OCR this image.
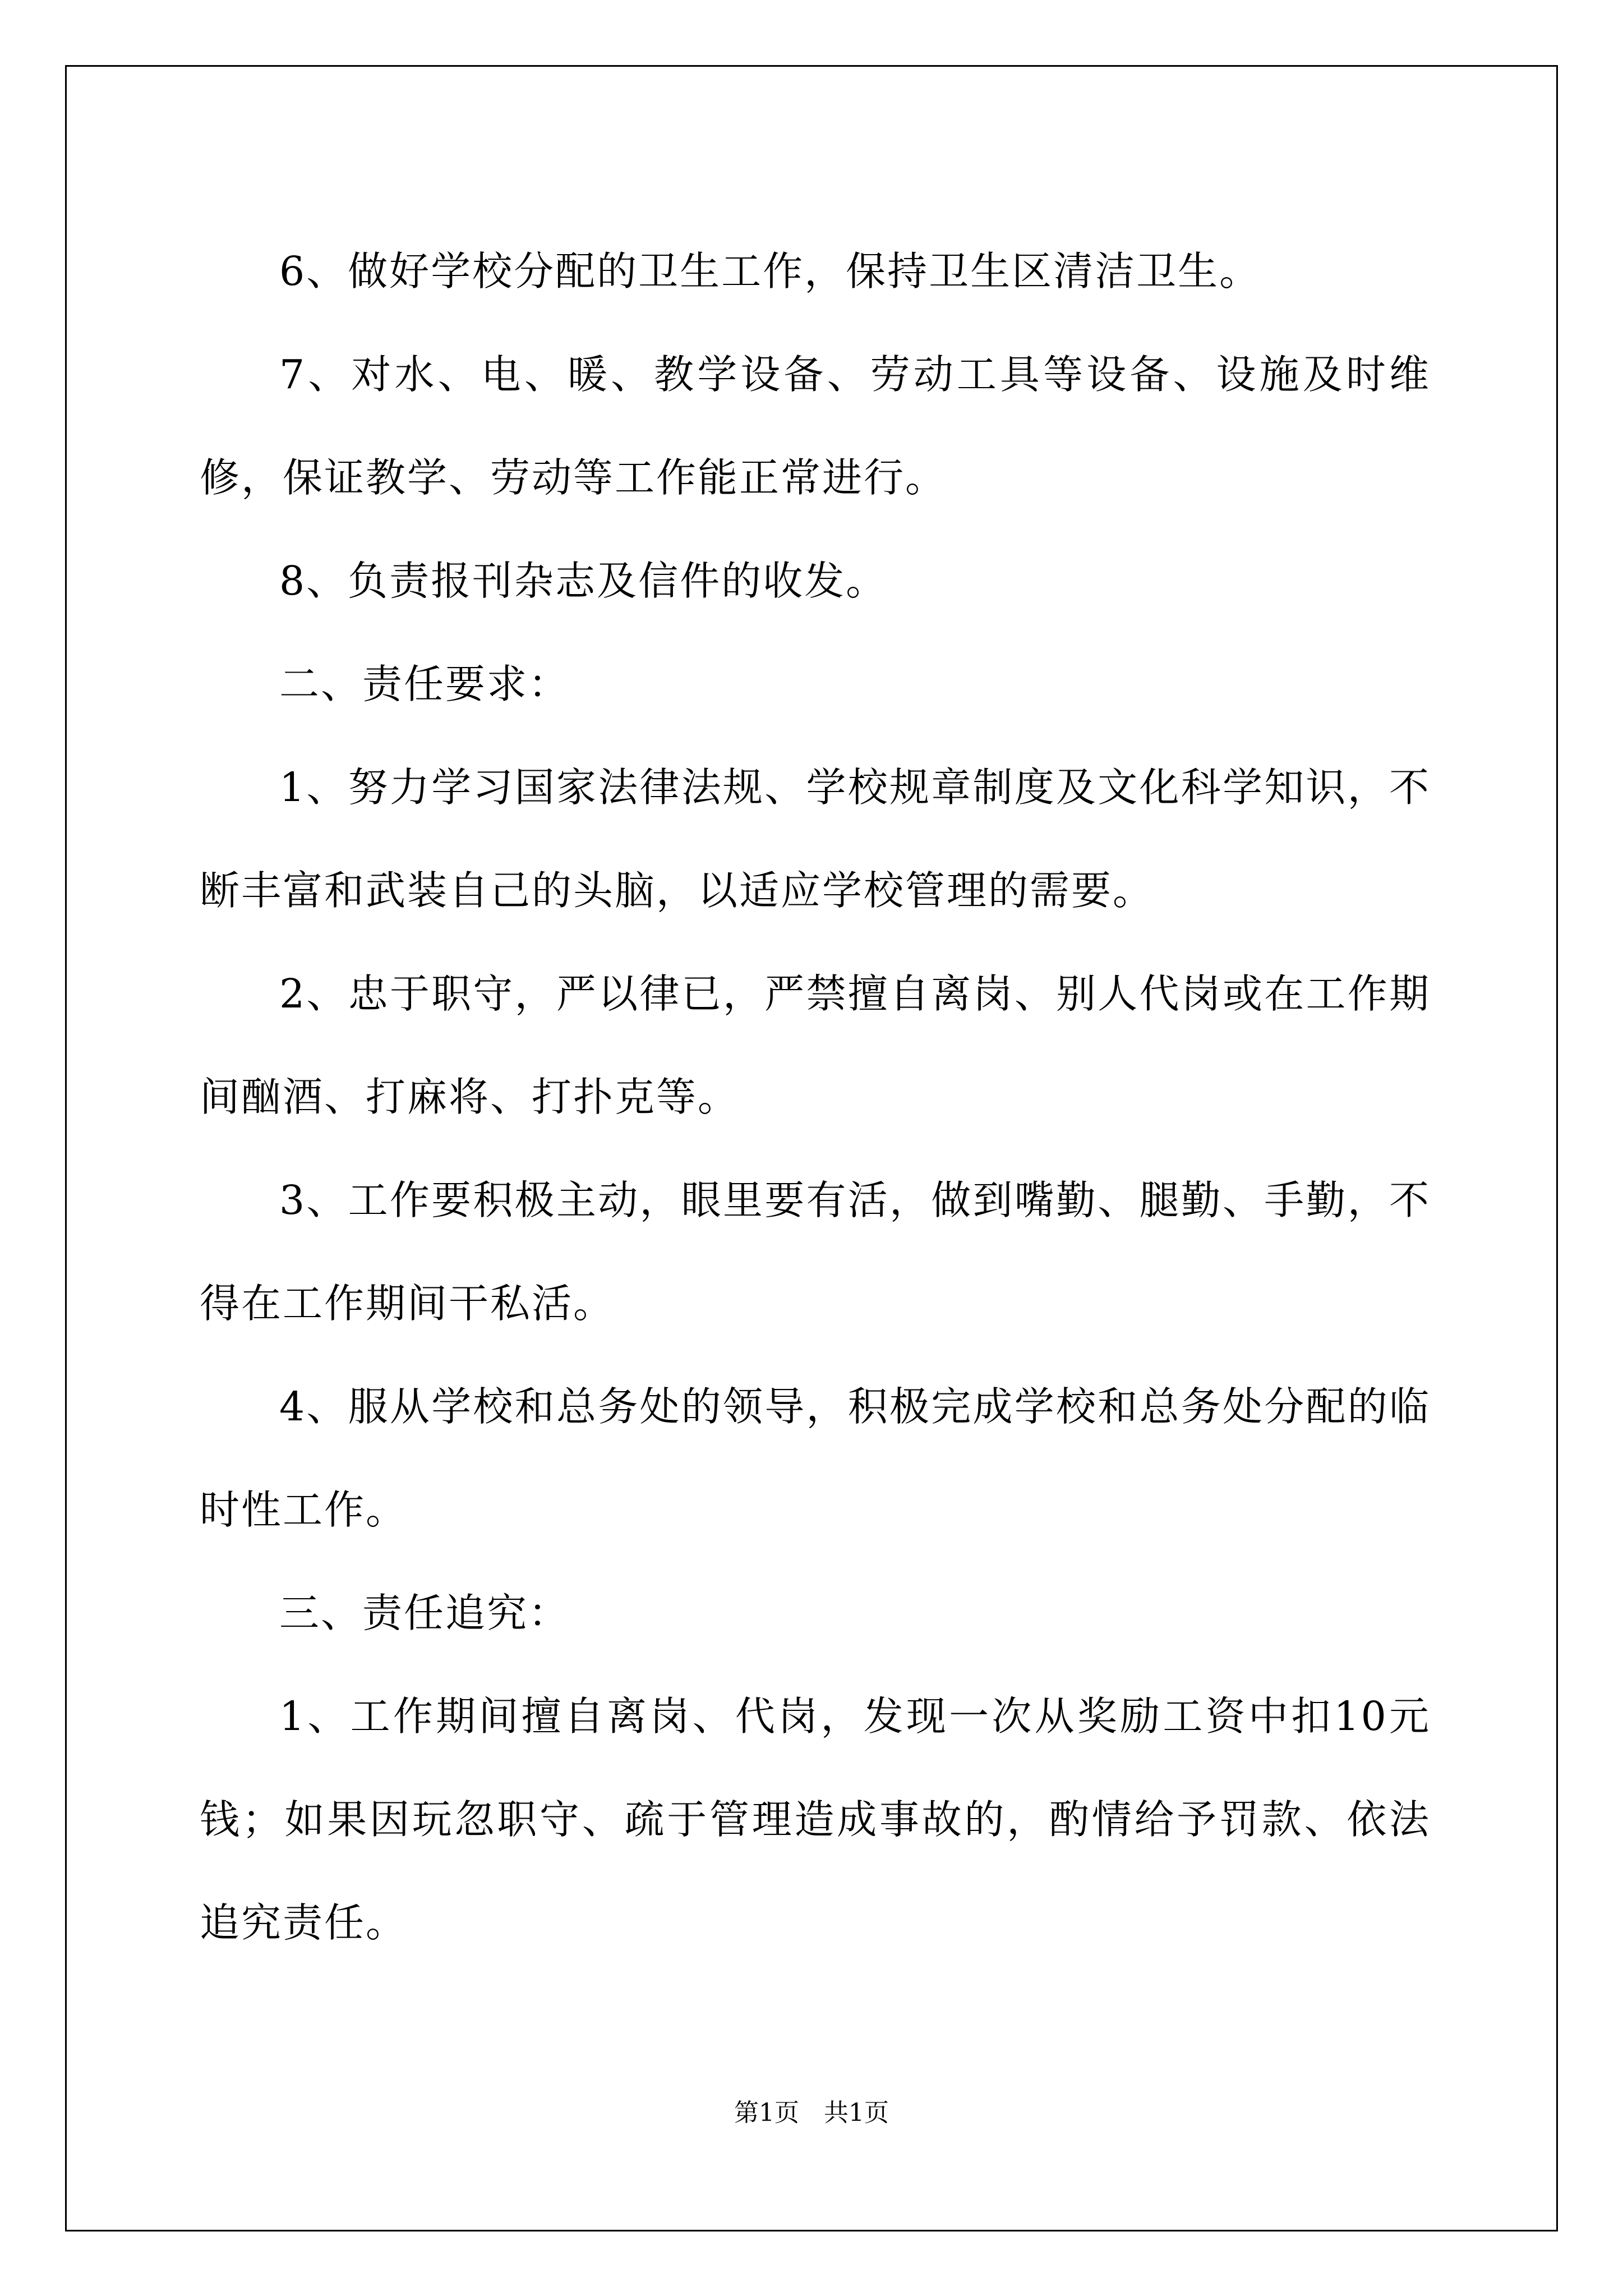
6、做好学校分配的卫生工作，保持卫生区清洁卫生。

7、对水、电、暖、教学设备、劳动工具等设备、设施及时维修，保证教学、劳动等工作能正常进行。

8、负责报刊杂志及信件的收发。

二、责任要求：

1、努力学习国家法律法规、学校规章制度及文化科学知识，不断丰富和武装自己的头脑，以适应学校管理的需要。

2、忠于职守，严以律已，严禁擅自离岗、别人代岗或在工作期间酗酒、打麻将、打扑克等。

3、工作要积极主动，眼里要有活，做到嘴勤、腿勤、手勤，不得在工作期间干私活。

4、服从学校和总务处的领导，积极完成学校和总务处分配的临时性工作。

三、责任追究：

1、工作期间擅自离岗、代岗，发现一次从奖励工资中扣10元钱；如果因玩忽职守、疏于管理造成事故的，酌情给予罚款、依法追究责任。

第1页 共1页
